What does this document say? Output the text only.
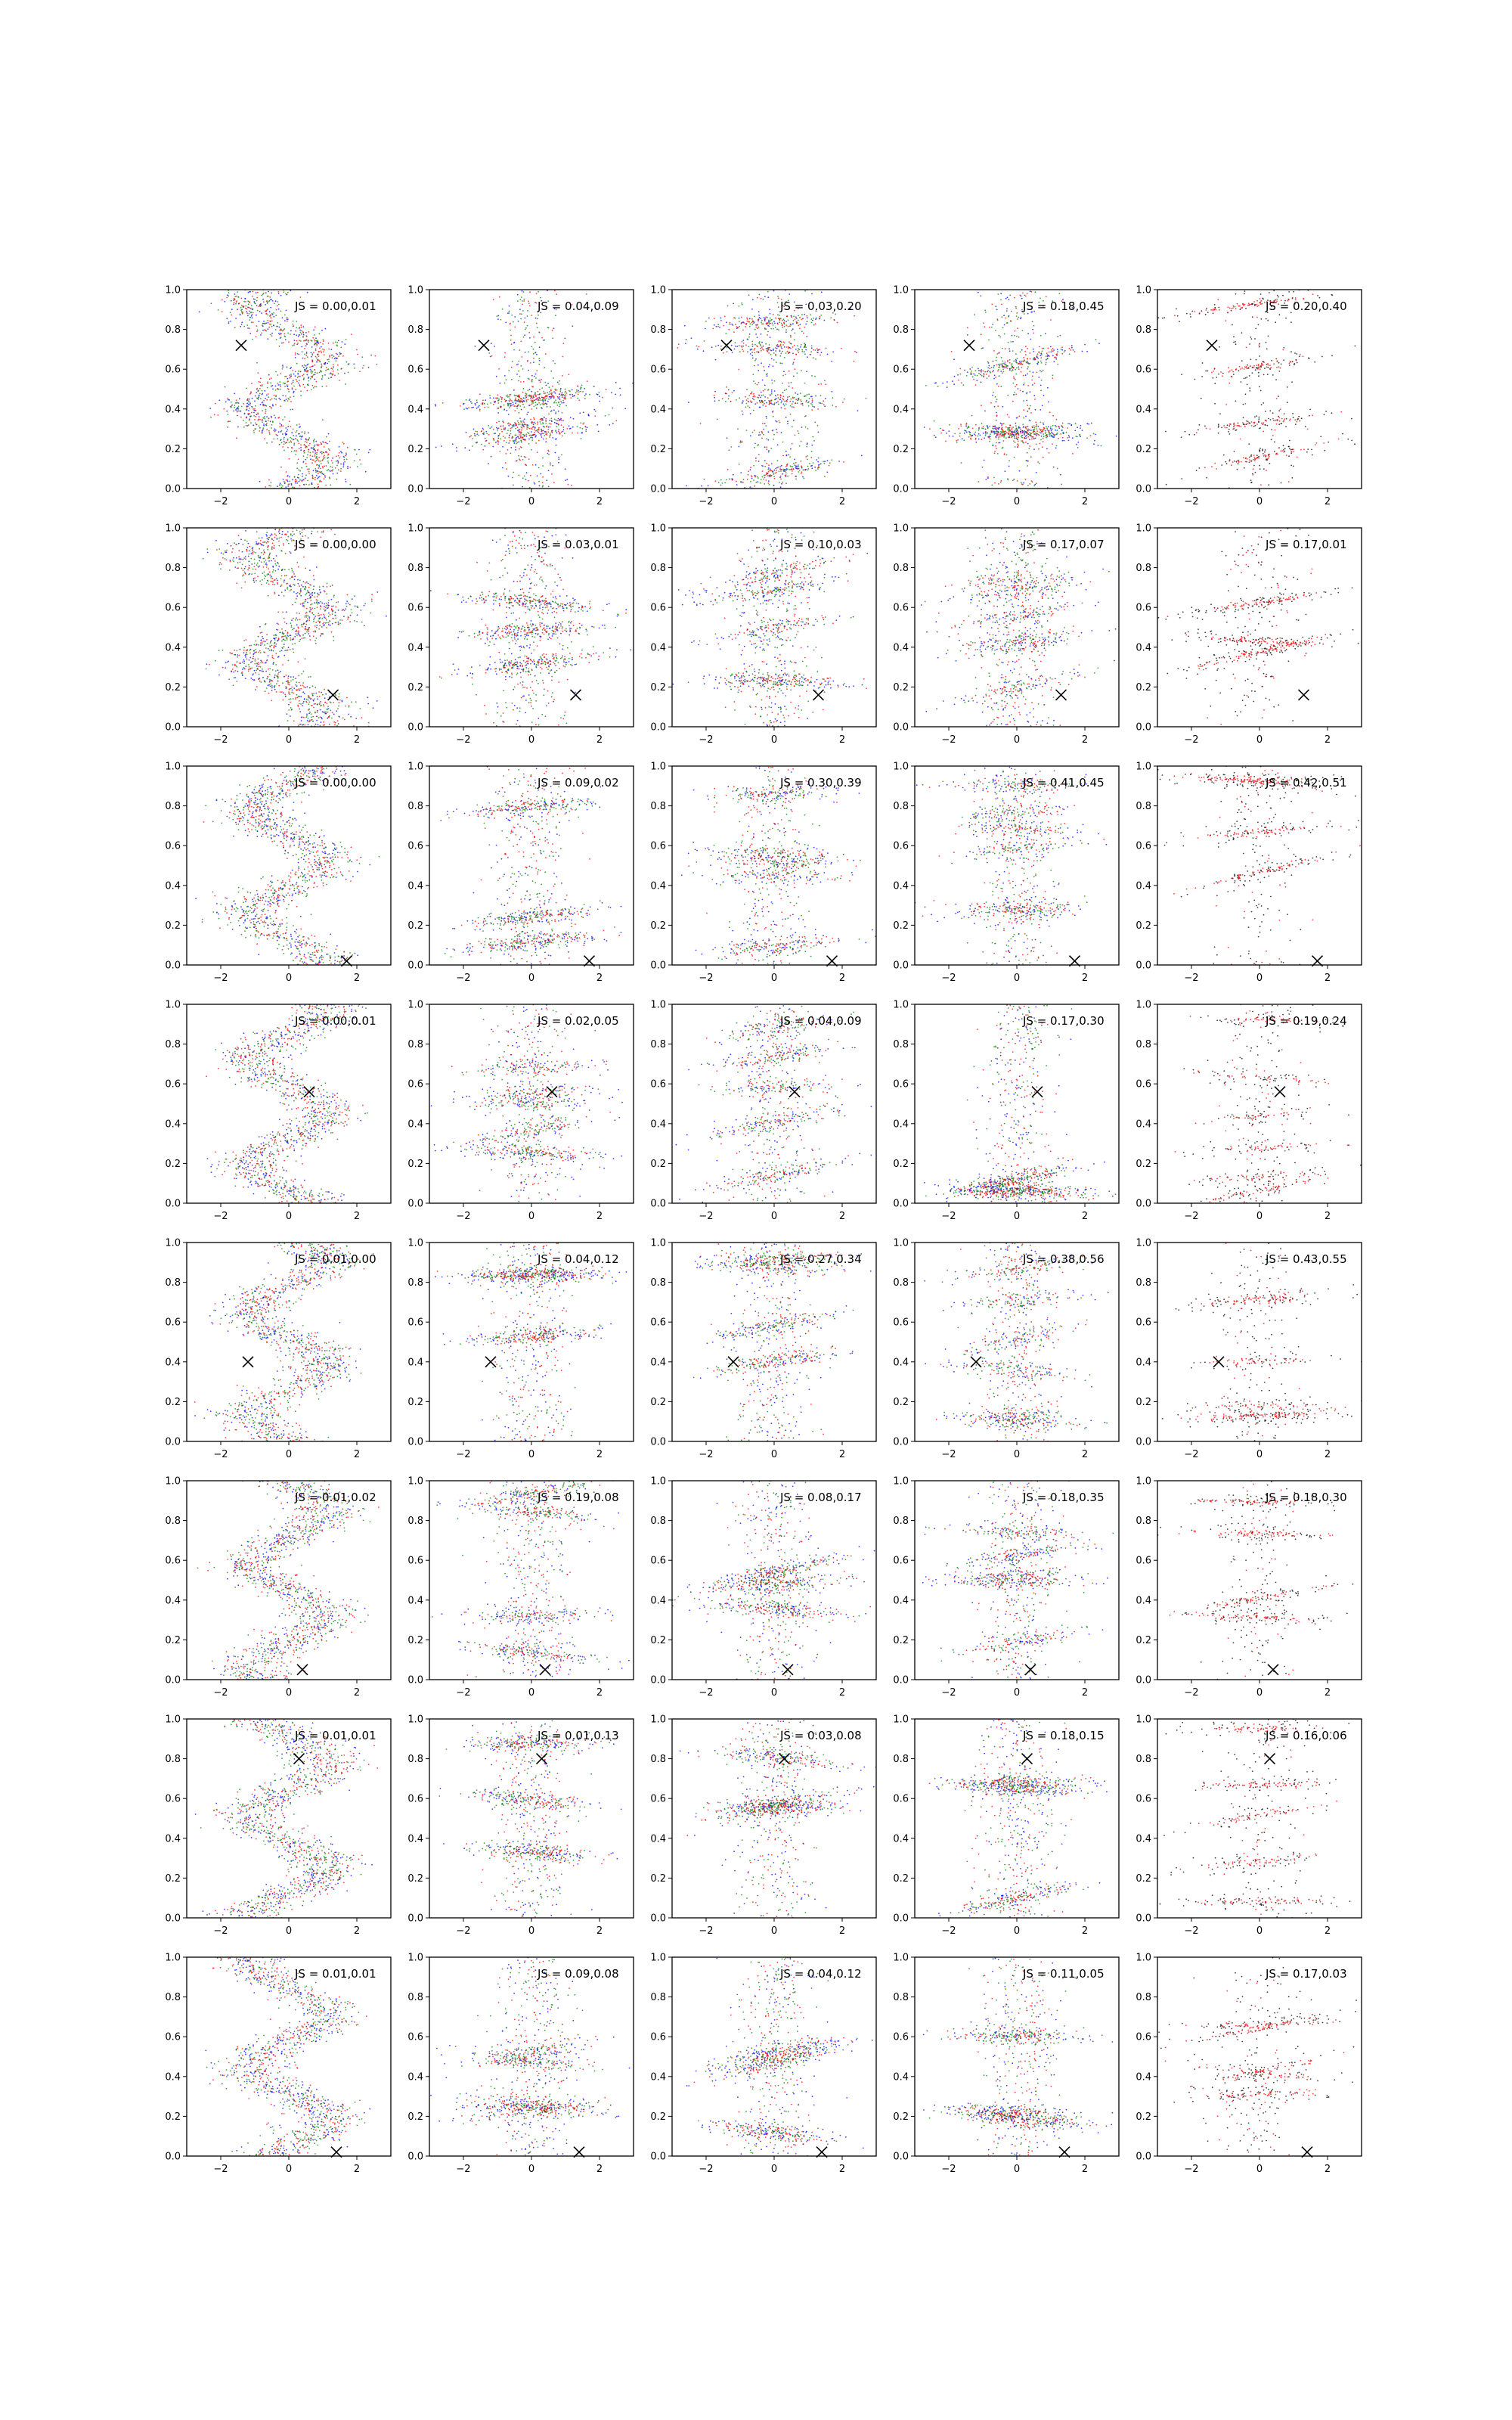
0.0
0.2
0.4
0.6
0.8
1.0
−2	0	2
JS = 0.00,0.01
0.0
0.2
0.4
0.6
0.8
1.0
−2	0	2
JS = 0.04,0.09
0.0
0.2
0.4
0.6
0.8
1.0
−2	0	2
JS = 0.03,0.20
0.0
0.2
0.4
0.6
0.8
1.0
−2	0	2
JS = 0.18,0.45
0.0
0.2
0.4
0.6
0.8
1.0
−2	0	2
JS = 0.20,0.40
0.0
0.2
0.4
0.6
0.8
1.0
−2	0	2
JS = 0.00,0.00
0.0
0.2
0.4
0.6
0.8
1.0
−2	0	2
JS = 0.03,0.01
0.0
0.2
0.4
0.6
0.8
1.0
−2	0	2
JS = 0.10,0.03
0.0
0.2
0.4
0.6
0.8
1.0
−2	0	2
JS = 0.17,0.07
0.0
0.2
0.4
0.6
0.8
1.0
−2	0	2
JS = 0.17,0.01
0.0
0.2
0.4
0.6
0.8
1.0
−2	0	2
JS = 0.00,0.00
0.0
0.2
0.4
0.6
0.8
1.0
−2	0	2
JS = 0.09,0.02
0.0
0.2
0.4
0.6
0.8
1.0
−2	0	2
JS = 0.30,0.39
0.0
0.2
0.4
0.6
0.8
1.0
−2	0	2
JS = 0.41,0.45
0.0
0.2
0.4
0.6
0.8
1.0
−2	0	2
JS = 0.42,0.51
0.0
0.2
0.4
0.6
0.8
1.0
−2	0	2
JS = 0.00,0.01
0.0
0.2
0.4
0.6
0.8
1.0
−2	0	2
JS = 0.02,0.05
0.0
0.2
0.4
0.6
0.8
1.0
−2	0	2
JS = 0.04,0.09
0.0
0.2
0.4
0.6
0.8
1.0
−2	0	2
JS = 0.17,0.30
0.0
0.2
0.4
0.6
0.8
1.0
−2	0	2
JS = 0.19,0.24
0.0
0.2
0.4
0.6
0.8
1.0
−2	0	2
JS = 0.01,0.00
0.0
0.2
0.4
0.6
0.8
1.0
−2	0	2
JS = 0.04,0.12
0.0
0.2
0.4
0.6
0.8
1.0
−2	0	2
JS = 0.27,0.34
0.0
0.2
0.4
0.6
0.8
1.0
−2	0	2
JS = 0.38,0.56
0.0
0.2
0.4
0.6
0.8
1.0
−2	0	2
JS = 0.43,0.55
0.0
0.2
0.4
0.6
0.8
1.0
−2	0	2
JS = 0.01,0.02
0.0
0.2
0.4
0.6
0.8
1.0
−2	0	2
JS = 0.19,0.08
0.0
0.2
0.4
0.6
0.8
1.0
−2	0	2
JS = 0.08,0.17
0.0
0.2
0.4
0.6
0.8
1.0
−2	0	2
JS = 0.18,0.35
0.0
0.2
0.4
0.6
0.8
1.0
−2	0	2
JS = 0.18,0.30
0.0
0.2
0.4
0.6
0.8
1.0
−2	0	2
JS = 0.01,0.01
0.0
0.2
0.4
0.6
0.8
1.0
−2	0	2
JS = 0.01,0.13
0.0
0.2
0.4
0.6
0.8
1.0
−2	0	2
JS = 0.03,0.08
0.0
0.2
0.4
0.6
0.8
1.0
−2	0	2
JS = 0.18,0.15
0.0
0.2
0.4
0.6
0.8
1.0
−2	0	2
JS = 0.16,0.06
0.0
0.2
0.4
0.6
0.8
1.0
−2	0	2
JS = 0.01,0.01
0.0
0.2
0.4
0.6
0.8
1.0
−2	0	2
JS = 0.09,0.08
0.0
0.2
0.4
0.6
0.8
1.0
−2	0	2
JS = 0.04,0.12
0.0
0.2
0.4
0.6
0.8
1.0
−2	0	2
JS = 0.11,0.05
0.0
0.2
0.4
0.6
0.8
1.0
−2	0	2
JS = 0.17,0.03
